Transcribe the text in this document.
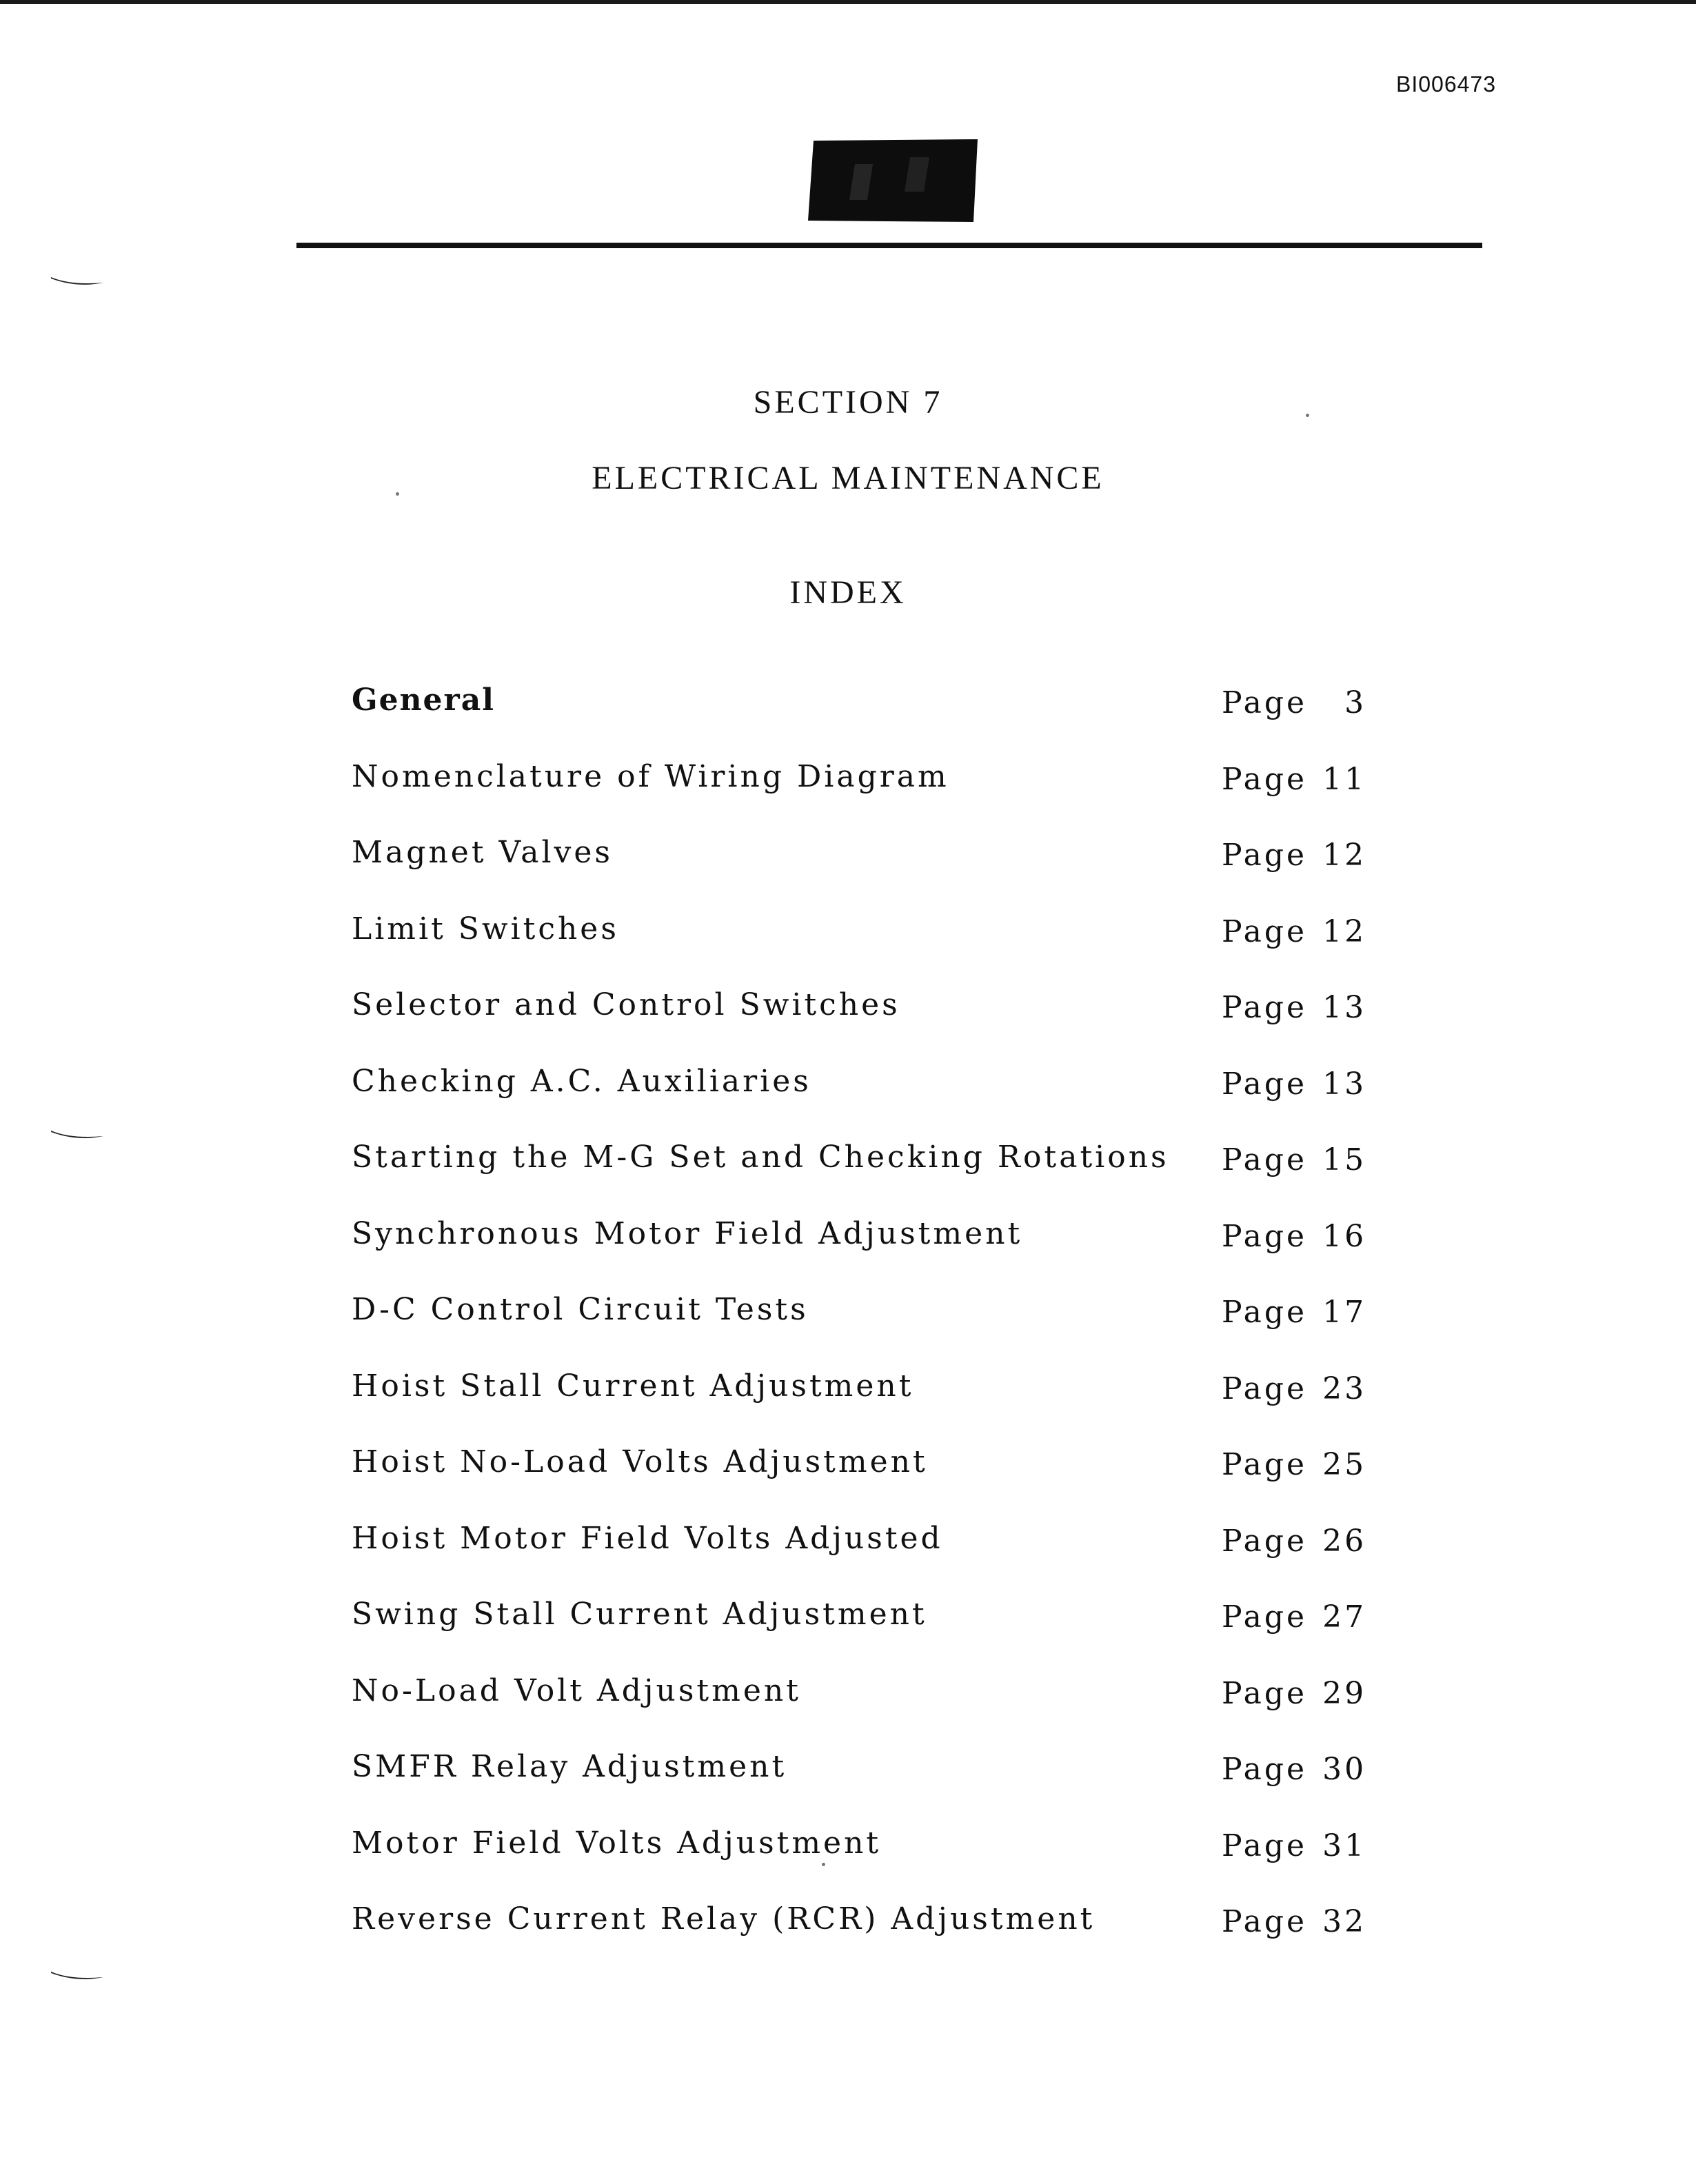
BI006473
SECTION 7
ELECTRICAL MAINTENANCE
INDEX
General	Page 3
Nomenclature of Wiring Diagram	Page 11
Magnet Valves	Page 12
Limit Switches	Page 12
Selector and Control Switches	Page 13
Checking A.C. Auxiliaries	Page 13
Starting the M-G Set and Checking Rotations Page 15
Synchronous Motor Field Adjustment	Page 16
D-C Control Circuit Tests	Page 17
Hoist Stall Current Adjustment	Page 23
Hoist No-Load Volts Adjustment	Page 25
Hoist Motor Field Volts Adjusted	Page 26
Swing Stall Current Adjustment	Page 27
No-Load Volt Adjustment	Page 29
SMFR Relay Adjustment	Page 30
Motor Field Volts Adjustment	Page 31
Reverse Current Relay (RCR) Adjustment	Page 32
